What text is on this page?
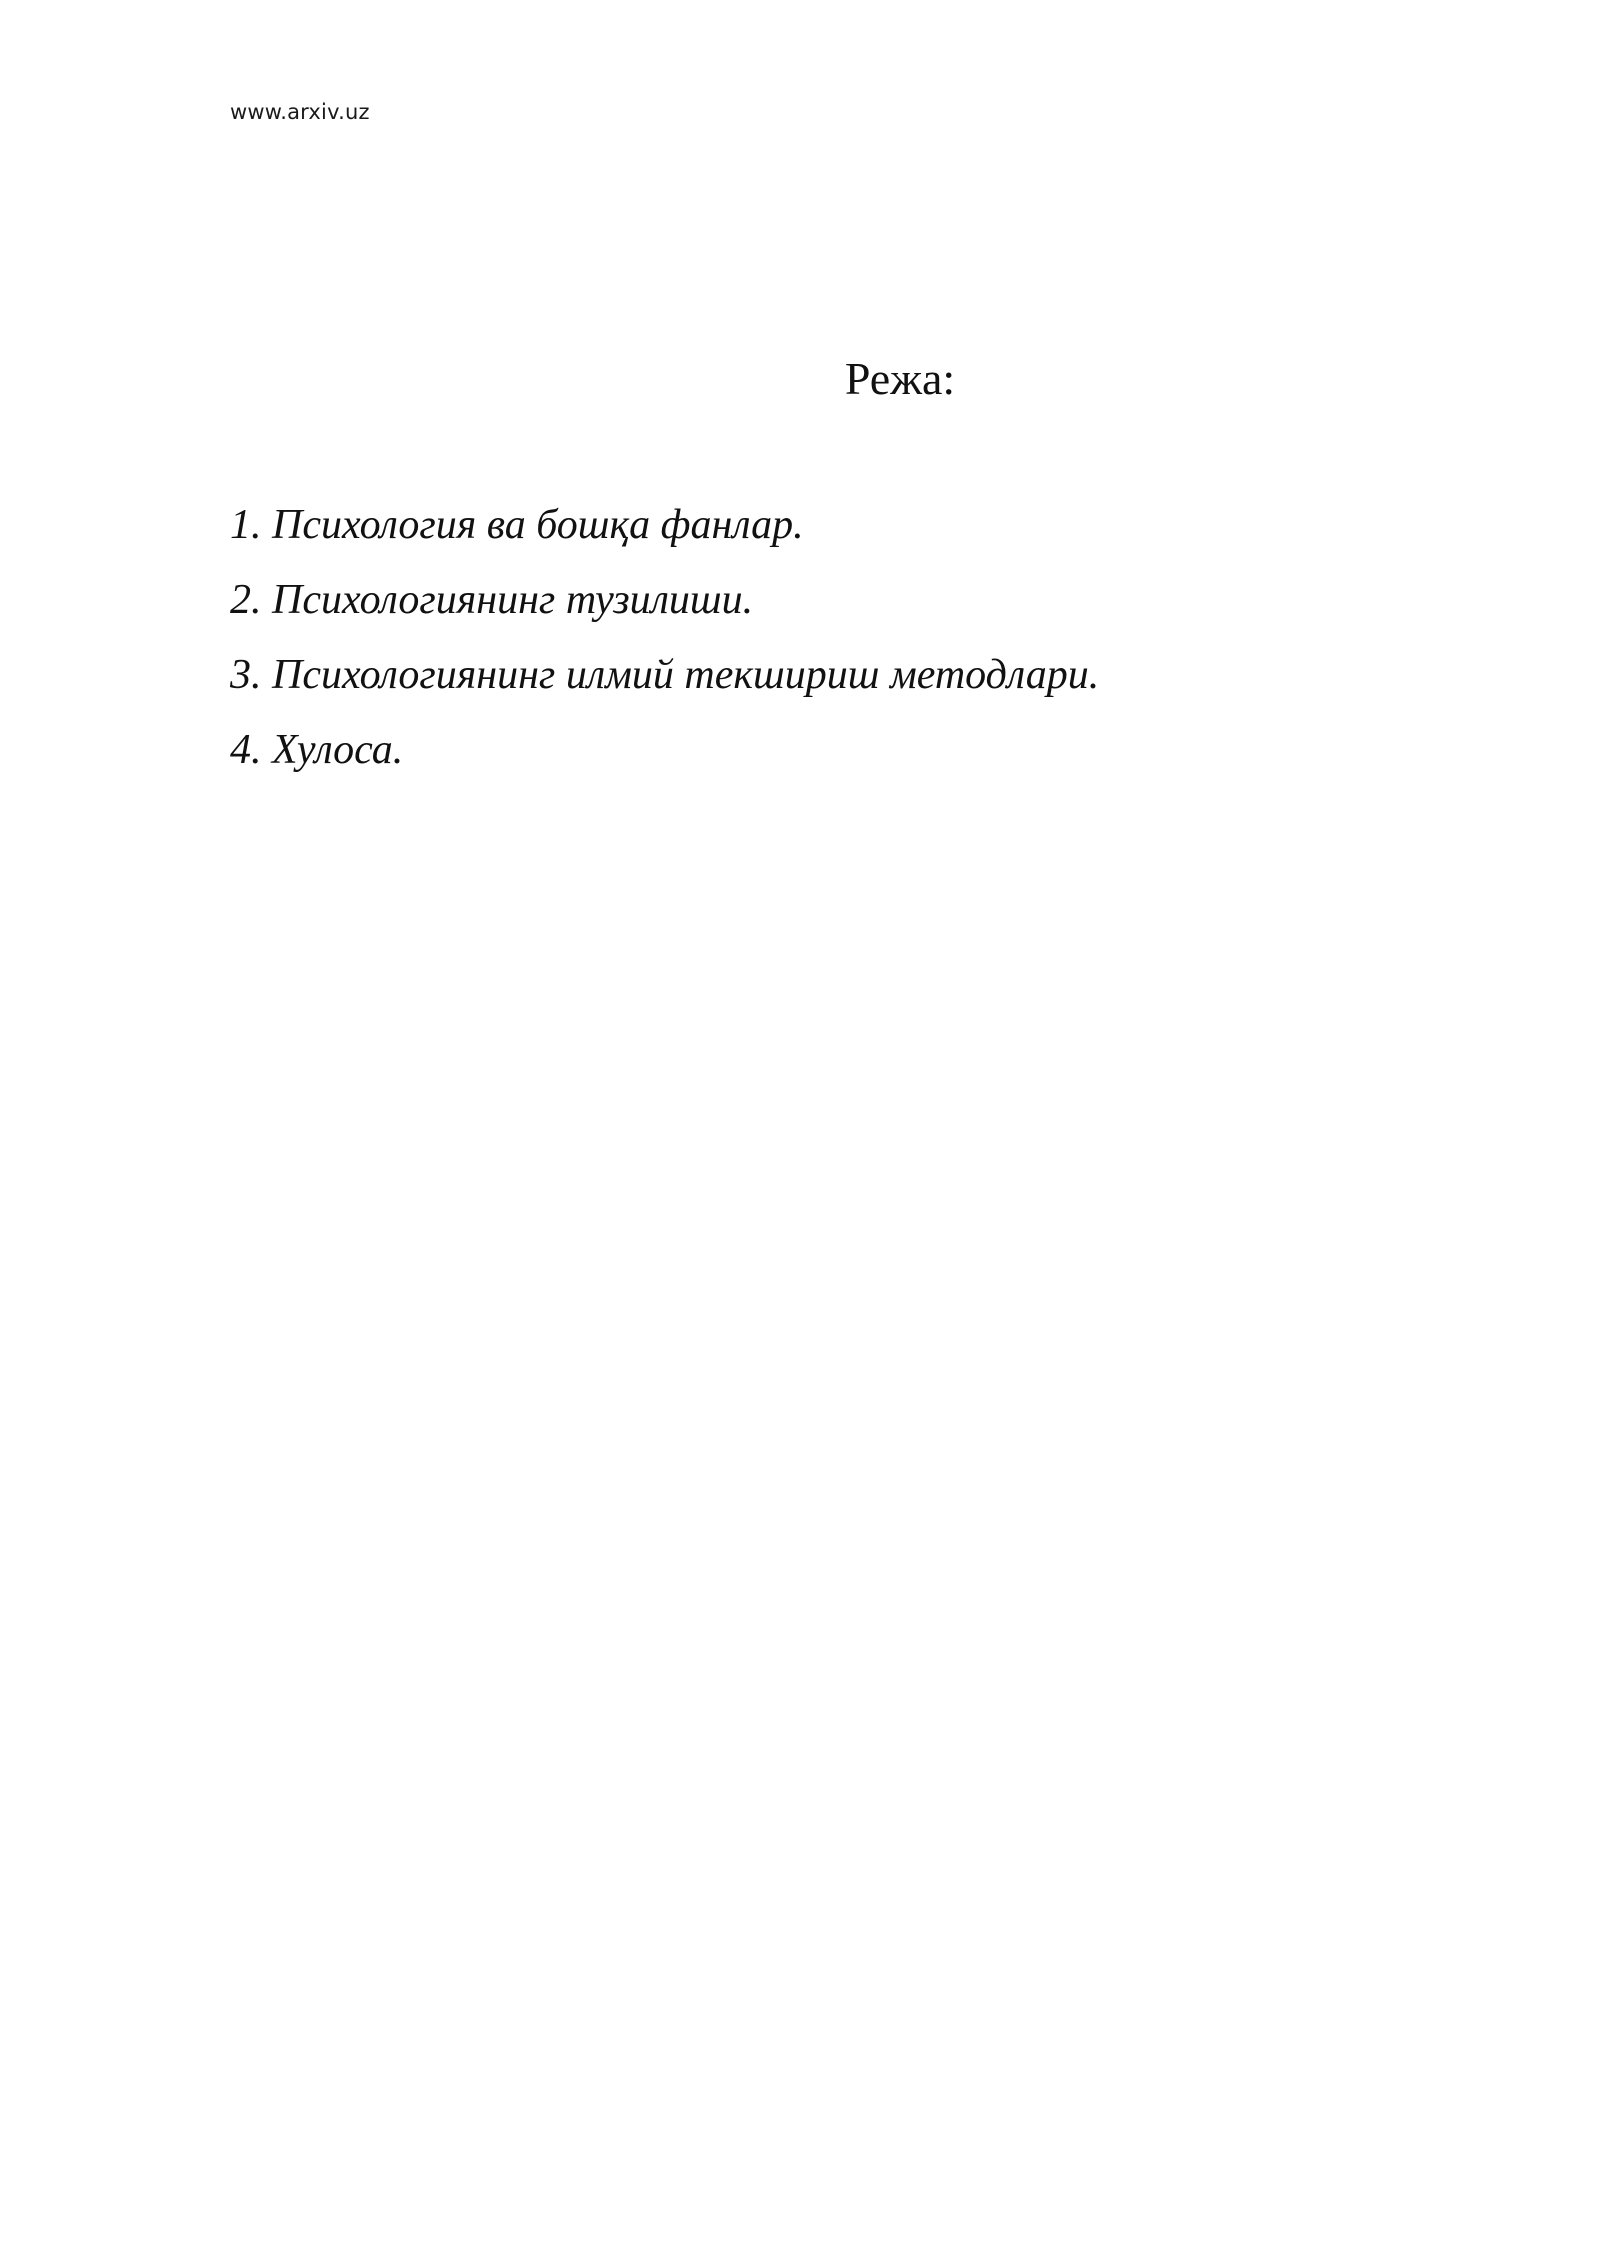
www.arxiv.uz
Режа:
1. Психология ва бошқа фанлар.
2. Психологиянинг тузилиши.
3. Психологиянинг илмий текшириш методлари.
4. Хулоса.
